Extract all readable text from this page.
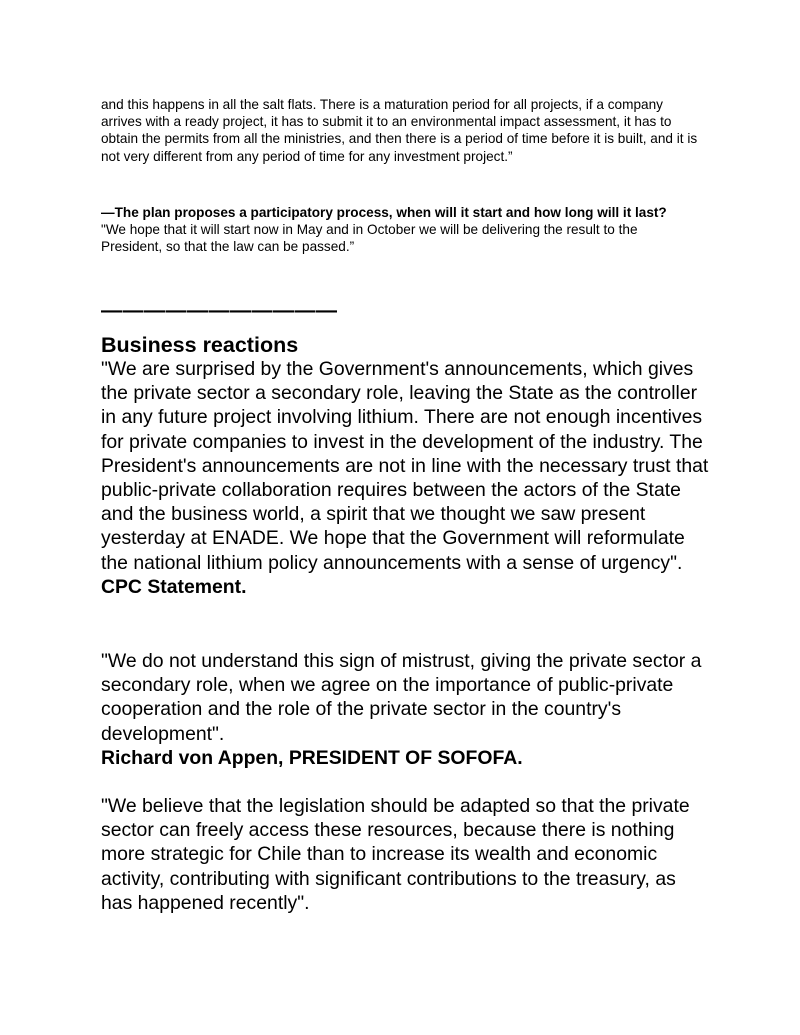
and this happens in all the salt flats. There is a maturation period for all projects, if a company arrives with a ready project, it has to submit it to an environmental impact assessment, it has to obtain the permits from all the ministries, and then there is a period of time before it is built, and it is not very different from any period of time for any investment project.”

—The plan proposes a participatory process, when will it start and how long will it last?

"We hope that it will start now in May and in October we will be delivering the result to the President, so that the law can be passed.”

———————————

Business reactions
"We are surprised by the Government's announcements, which gives the private sector a secondary role, leaving the State as the controller in any future project involving lithium. There are not enough incentives for private companies to invest in the development of the industry. The President's announcements are not in line with the necessary trust that public-private collaboration requires between the actors of the State and the business world, a spirit that we thought we saw present yesterday at ENADE. We hope that the Government will reformulate the national lithium policy announcements with a sense of urgency".
CPC Statement.
"We do not understand this sign of mistrust, giving the private sector a secondary role, when we agree on the importance of public-private cooperation and the role of the private sector in the country's development".
Richard von Appen, PRESIDENT OF SOFOFA.
"We believe that the legislation should be adapted so that the private sector can freely access these resources, because there is nothing more strategic for Chile than to increase its wealth and economic activity, contributing with significant contributions to the treasury, as has happened recently".
